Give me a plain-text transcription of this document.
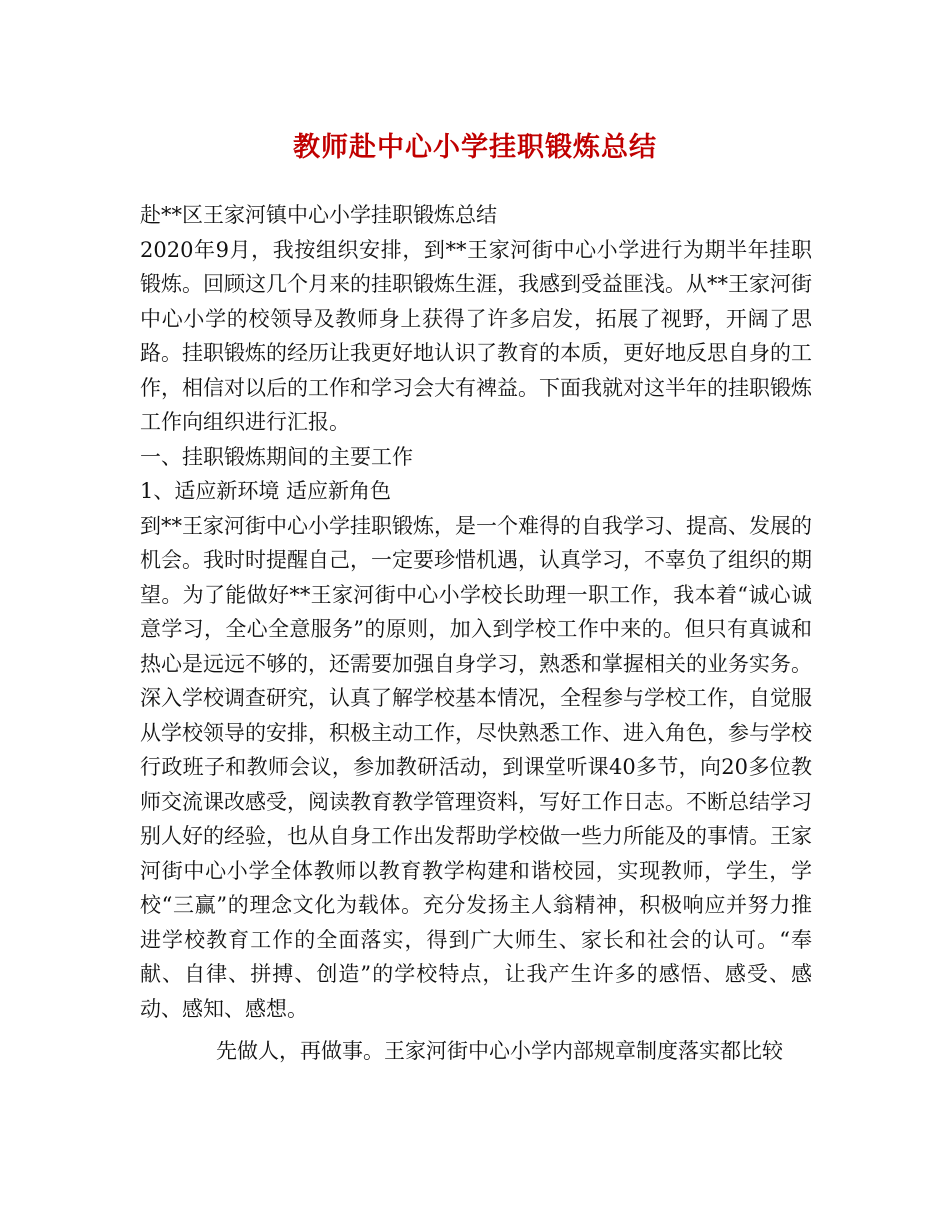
教师赴中心小学挂职锻炼总结

赴**区王家河镇中心小学挂职锻炼总结

2020年9月，我按组织安排，到**王家河街中心小学进行为期半年挂职锻炼。回顾这几个月来的挂职锻炼生涯，我感到受益匪浅。从**王家河街中心小学的校领导及教师身上获得了许多启发，拓展了视野，开阔了思路。挂职锻炼的经历让我更好地认识了教育的本质，更好地反思自身的工作，相信对以后的工作和学习会大有裨益。下面我就对这半年的挂职锻炼工作向组织进行汇报。

一、挂职锻炼期间的主要工作

1、适应新环境 适应新角色

到**王家河街中心小学挂职锻炼，是一个难得的自我学习、提高、发展的机会。我时时提醒自己，一定要珍惜机遇，认真学习，不辜负了组织的期望。为了能做好**王家河街中心小学校长助理一职工作，我本着“诚心诚意学习，全心全意服务”的原则，加入到学校工作中来的。但只有真诚和热心是远远不够的，还需要加强自身学习，熟悉和掌握相关的业务实务。深入学校调查研究，认真了解学校基本情况，全程参与学校工作，自觉服从学校领导的安排，积极主动工作，尽快熟悉工作、进入角色，参与学校行政班子和教师会议，参加教研活动，到课堂听课40多节，向20多位教师交流课改感受，阅读教育教学管理资料，写好工作日志。不断总结学习别人好的经验，也从自身工作出发帮助学校做一些力所能及的事情。王家河街中心小学全体教师以教育教学构建和谐校园，实现教师，学生，学校“三赢”的理念文化为载体。充分发扬主人翁精神，积极响应并努力推进学校教育工作的全面落实，得到广大师生、家长和社会的认可。“奉献、自律、拼搏、创造”的学校特点，让我产生许多的感悟、感受、感动、感知、感想。

先做人，再做事。王家河街中心小学内部规章制度落实都比较
